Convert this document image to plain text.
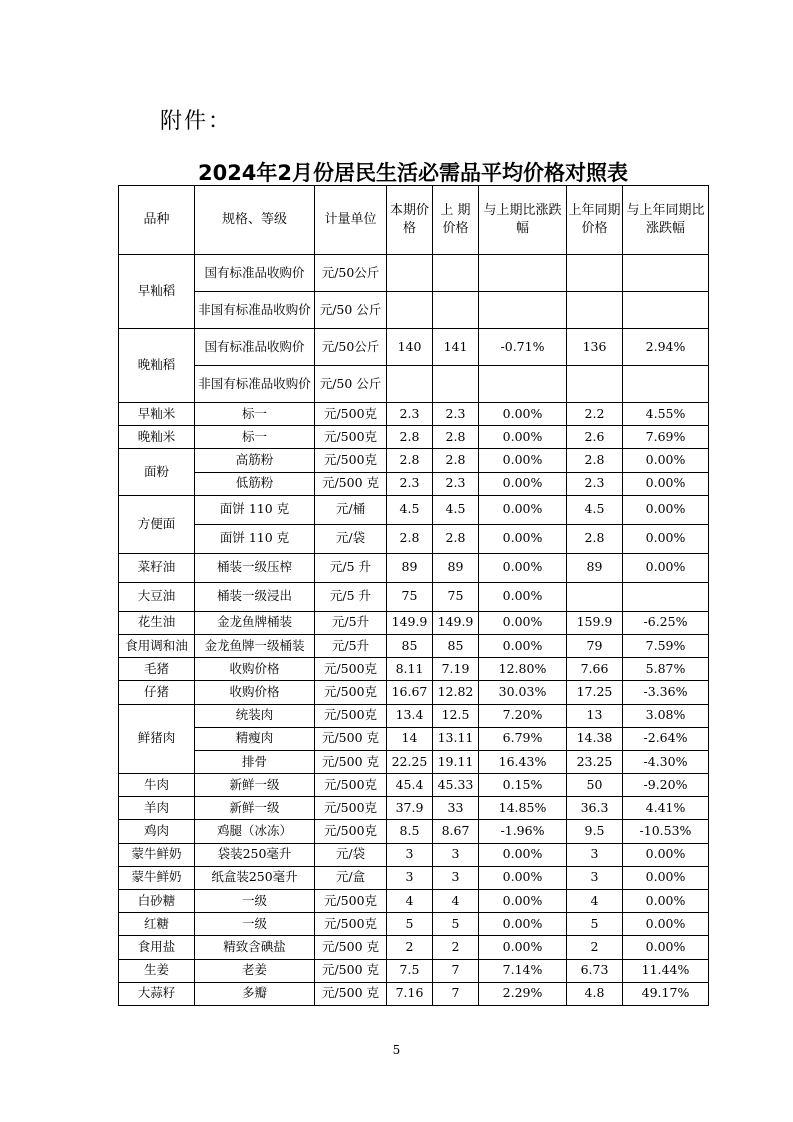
附件：
2024年2月份居民生活必需品平均价格对照表
品种	规格、等级	计量单位	本期价格	上 期价格	与上期比涨跌幅	上年同期价格	与上年同期比涨跌幅
早籼稻	国有标准品收购价	元/50公斤					
	非国有标准品收购价	元/50 公斤					
晚籼稻	国有标准品收购价	元/50公斤	140	141	-0.71%	136	2.94%
	非国有标准品收购价	元/50 公斤					
早籼米	标一	元/500克	2.3	2.3	0.00%	2.2	4.55%
晚籼米	标一	元/500克	2.8	2.8	0.00%	2.6	7.69%
面粉	高筋粉	元/500克	2.8	2.8	0.00%	2.8	0.00%
	低筋粉	元/500 克	2.3	2.3	0.00%	2.3	0.00%
方便面	面饼 110 克	元/桶	4.5	4.5	0.00%	4.5	0.00%
	面饼 110 克	元/袋	2.8	2.8	0.00%	2.8	0.00%
菜籽油	桶装一级压榨	元/5 升	89	89	0.00%	89	0.00%
大豆油	桶装一级浸出	元/5 升	75	75	0.00%		
花生油	金龙鱼牌桶装	元/5升	149.9	149.9	0.00%	159.9	-6.25%
食用调和油	金龙鱼牌一级桶装	元/5升	85	85	0.00%	79	7.59%
毛猪	收购价格	元/500克	8.11	7.19	12.80%	7.66	5.87%
仔猪	收购价格	元/500克	16.67	12.82	30.03%	17.25	-3.36%
鲜猪肉	统装肉	元/500克	13.4	12.5	7.20%	13	3.08%
	精瘦肉	元/500 克	14	13.11	6.79%	14.38	-2.64%
	排骨	元/500 克	22.25	19.11	16.43%	23.25	-4.30%
牛肉	新鲜一级	元/500克	45.4	45.33	0.15%	50	-9.20%
羊肉	新鲜一级	元/500克	37.9	33	14.85%	36.3	4.41%
鸡肉	鸡腿（冰冻）	元/500克	8.5	8.67	-1.96%	9.5	-10.53%
蒙牛鲜奶	袋装250毫升	元/袋	3	3	0.00%	3	0.00%
蒙牛鲜奶	纸盒装250毫升	元/盒	3	3	0.00%	3	0.00%
白砂糖	一级	元/500克	4	4	0.00%	4	0.00%
红糖	一级	元/500克	5	5	0.00%	5	0.00%
食用盐	精致含碘盐	元/500 克	2	2	0.00%	2	0.00%
生姜	老姜	元/500 克	7.5	7	7.14%	6.73	11.44%
大蒜籽	多瓣	元/500 克	7.16	7	2.29%	4.8	49.17%
5
